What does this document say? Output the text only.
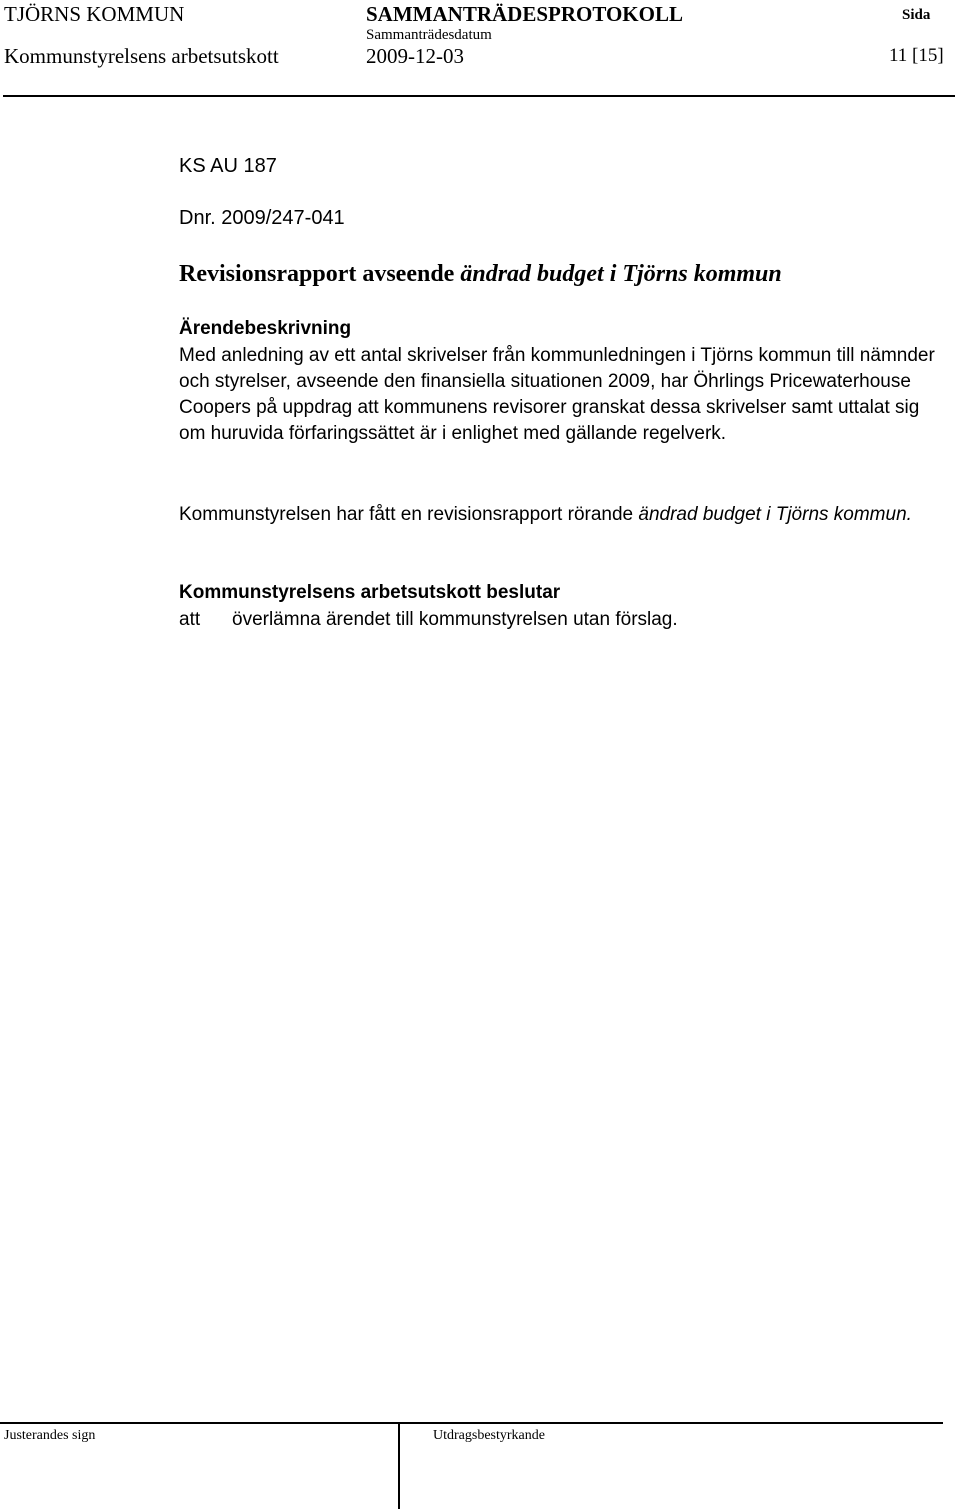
TJÖRNS KOMMUN	SAMMANTRÄDESPROTOKOLL	Sida
Sammanträdesdatum
Kommunstyrelsens arbetsutskott	2009-12-03	11 [15]
KS AU 187
Dnr. 2009/247-041
Revisionsrapport avseende ändrad budget i Tjörns kommun
Ärendebeskrivning
Med anledning av ett antal skrivelser från kommunledningen i Tjörns kommun till nämnder och styrelser, avseende den finansiella situationen 2009, har Öhrlings Pricewaterhouse Coopers på uppdrag att kommunens revisorer granskat dessa skrivelser samt uttalat sig om huruvida förfaringssättet är i enlighet med gällande regelverk.
Kommunstyrelsen har fått en revisionsrapport rörande ändrad budget i Tjörns kommun.
Kommunstyrelsens arbetsutskott beslutar
att överlämna ärendet till kommunstyrelsen utan förslag.
Justerandes sign	Utdragsbestyrkande
